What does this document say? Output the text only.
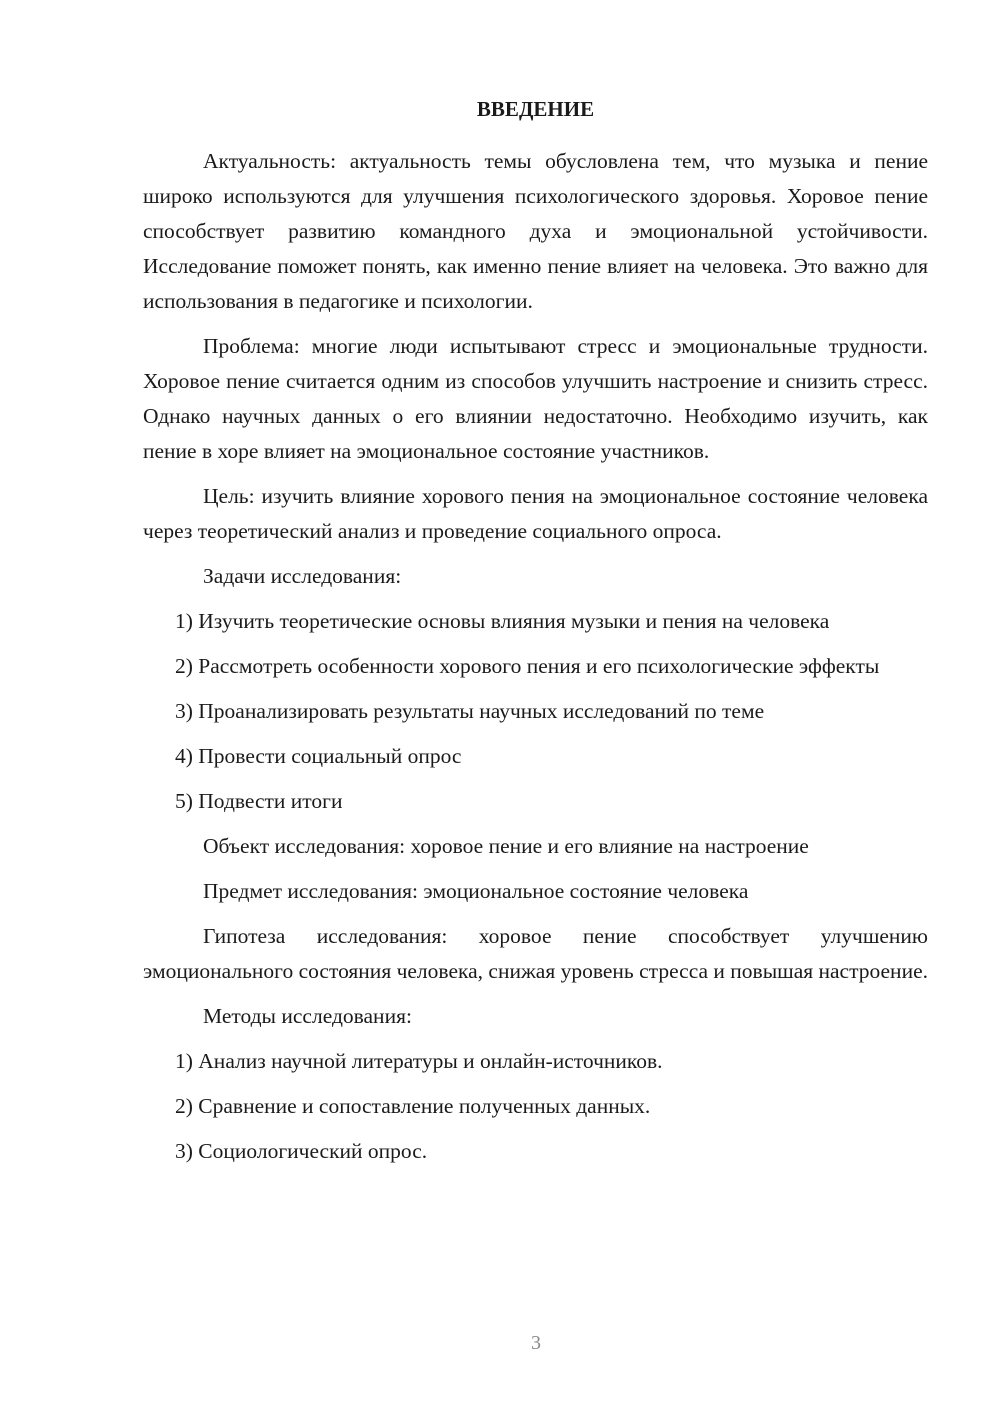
ВВЕДЕНИЕ

Актуальность: актуальность темы обусловлена тем, что музыка и пение широко используются для улучшения психологического здоровья. Хоровое пение способствует развитию командного духа и эмоциональной устойчивости. Исследование поможет понять, как именно пение влияет на человека. Это важно для использования в педагогике и психологии.

Проблема: многие люди испытывают стресс и эмоциональные трудности. Хоровое пение считается одним из способов улучшить настроение и снизить стресс. Однако научных данных о его влиянии недостаточно. Необходимо изучить, как пение в хоре влияет на эмоциональное состояние участников.

Цель: изучить влияние хорового пения на эмоциональное состояние человека через теоретический анализ и проведение социального опроса.

Задачи исследования:

1) Изучить теоретические основы влияния музыки и пения на человека

2) Рассмотреть особенности хорового пения и его психологические эффекты

3) Проанализировать результаты научных исследований по теме

4) Провести социальный опрос

5) Подвести итоги

Объект исследования: хоровое пение и его влияние на настроение

Предмет исследования: эмоциональное состояние человека

Гипотеза исследования: хоровое пение способствует улучшению эмоционального состояния человека, снижая уровень стресса и повышая настроение.

Методы исследования:

1) Анализ научной литературы и онлайн-источников.

2) Сравнение и сопоставление полученных данных.

3) Социологический опрос.

3
